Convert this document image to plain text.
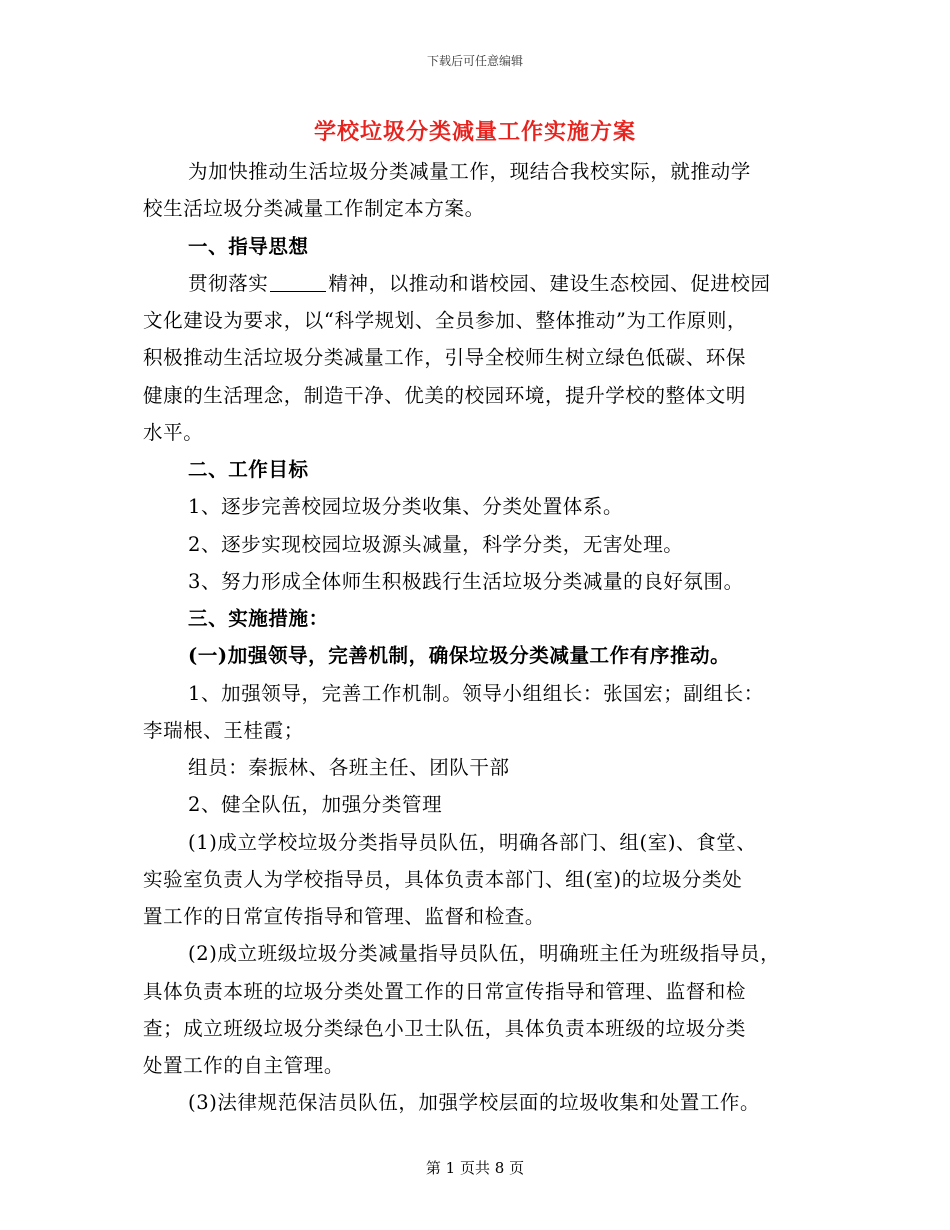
下载后可任意编辑
学校垃圾分类减量工作实施方案
为加快推动生活垃圾分类减量工作，现结合我校实际，就推动学
校生活垃圾分类减量工作制定本方案。
一、指导思想
贯彻落实	精神，以推动和谐校园、建设生态校园、促进校园
文化建设为要求，以“科学规划、全员参加、整体推动”为工作原则，
积极推动生活垃圾分类减量工作，引导全校师生树立绿色低碳、环保
健康的生活理念，制造干净、优美的校园环境，提升学校的整体文明
水平。
二、工作目标
1、逐步完善校园垃圾分类收集、分类处置体系。
2、逐步实现校园垃圾源头减量，科学分类，无害处理。
3、努力形成全体师生积极践行生活垃圾分类减量的良好氛围。
三、实施措施：
(一)加强领导，完善机制，确保垃圾分类减量工作有序推动。
1、加强领导，完善工作机制。领导小组组长：张国宏；副组长：
李瑞根、王桂霞；
组员：秦振林、各班主任、团队干部
2、健全队伍，加强分类管理
(1)成立学校垃圾分类指导员队伍，明确各部门、组(室)、食堂、
实验室负责人为学校指导员，具体负责本部门、组(室)的垃圾分类处
置工作的日常宣传指导和管理、监督和检查。
(2)成立班级垃圾分类减量指导员队伍，明确班主任为班级指导员，
具体负责本班的垃圾分类处置工作的日常宣传指导和管理、监督和检
查；成立班级垃圾分类绿色小卫士队伍，具体负责本班级的垃圾分类
处置工作的自主管理。
(3)法律规范保洁员队伍，加强学校层面的垃圾收集和处置工作。
第 1 页共 8 页
